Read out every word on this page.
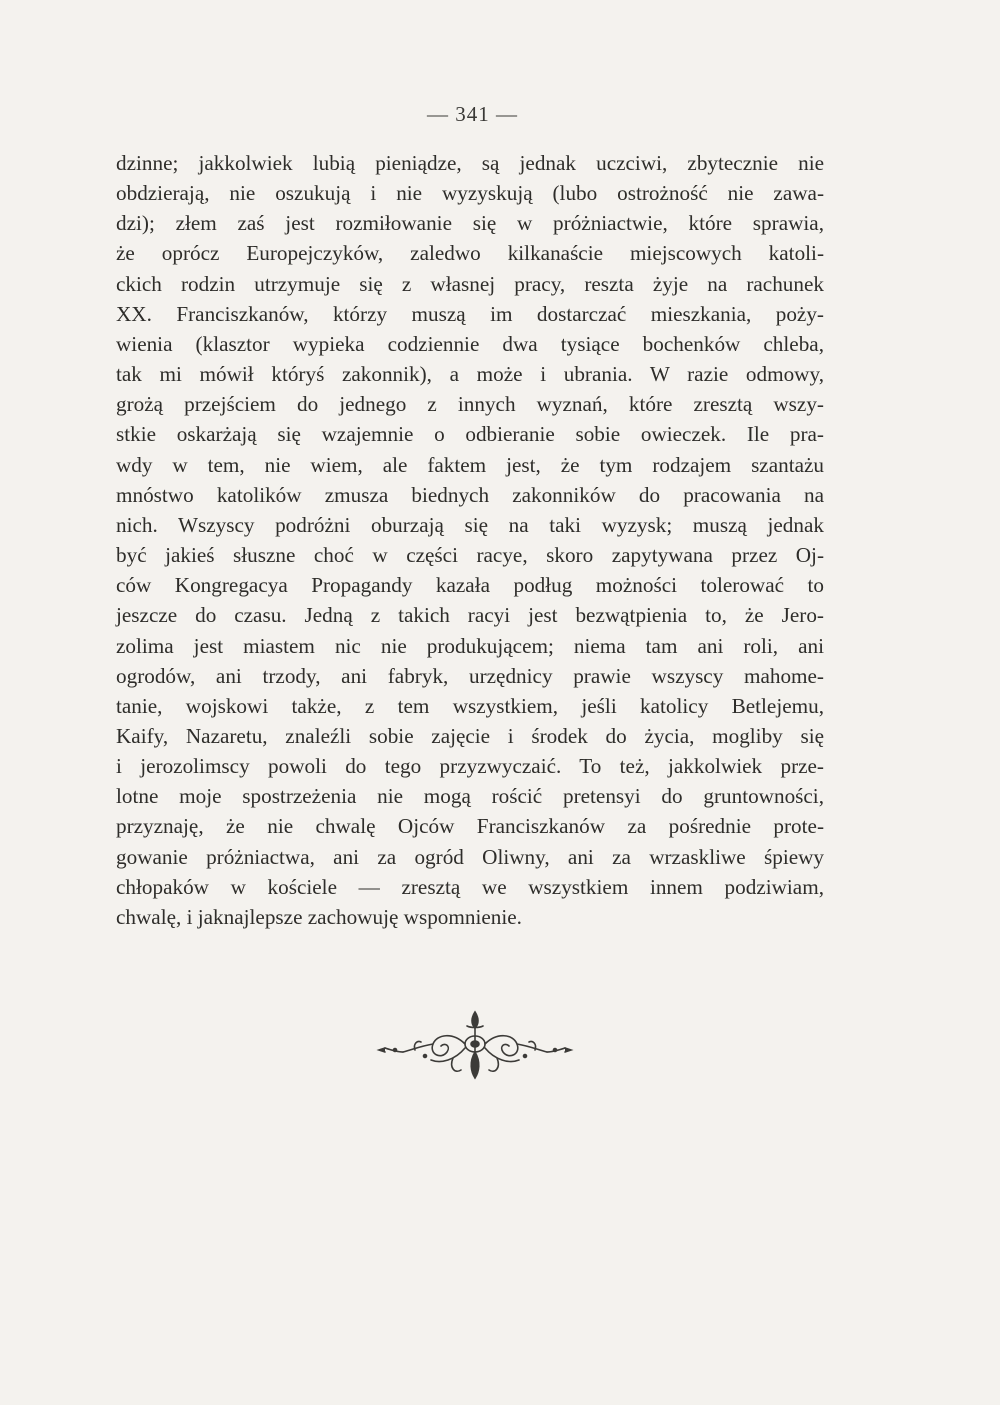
— 341 —
dzinne; jakkolwiek lubią pieniądze, są jednak uczciwi, zbytecznie nie
obdzierają, nie oszukują i nie wyzyskują (lubo ostrożność nie zawa-
dzi); złem zaś jest rozmiłowanie się w próżniactwie, które sprawia,
że oprócz Europejczyków, zaledwo kilkanaście miejscowych katoli-
ckich rodzin utrzymuje się z własnej pracy, reszta żyje na rachunek
XX. Franciszkanów, którzy muszą im dostarczać mieszkania, poży-
wienia (klasztor wypieka codziennie dwa tysiące bochenków chleba,
tak mi mówił któryś zakonnik), a może i ubrania. W razie odmowy,
grożą przejściem do jednego z innych wyznań, które zresztą wszy-
stkie oskarżają się wzajemnie o odbieranie sobie owieczek. Ile pra-
wdy w tem, nie wiem, ale faktem jest, że tym rodzajem szantażu
mnóstwo katolików zmusza biednych zakonników do pracowania na
nich. Wszyscy podróżni oburzają się na taki wyzysk; muszą jednak
być jakieś słuszne choć w części racye, skoro zapytywana przez Oj-
ców Kongregacya Propagandy kazała podług możności tolerować to
jeszcze do czasu. Jedną z takich racyi jest bezwątpienia to, że Jero-
zolima jest miastem nic nie produkującem; niema tam ani roli, ani
ogrodów, ani trzody, ani fabryk, urzędnicy prawie wszyscy mahome-
tanie, wojskowi także, z tem wszystkiem, jeśli katolicy Betlejemu,
Kaify, Nazaretu, znaleźli sobie zajęcie i środek do życia, mogliby się
i jerozolimscy powoli do tego przyzwyczaić. To też, jakkolwiek prze-
lotne moje spostrzeżenia nie mogą rościć pretensyi do gruntowności,
przyznaję, że nie chwalę Ojców Franciszkanów za pośrednie prote-
gowanie próżniactwa, ani za ogród Oliwny, ani za wrzaskliwe śpiewy
chłopaków w kościele — zresztą we wszystkiem innem podziwiam,
chwalę, i jaknajlepsze zachowuję wspomnienie.
